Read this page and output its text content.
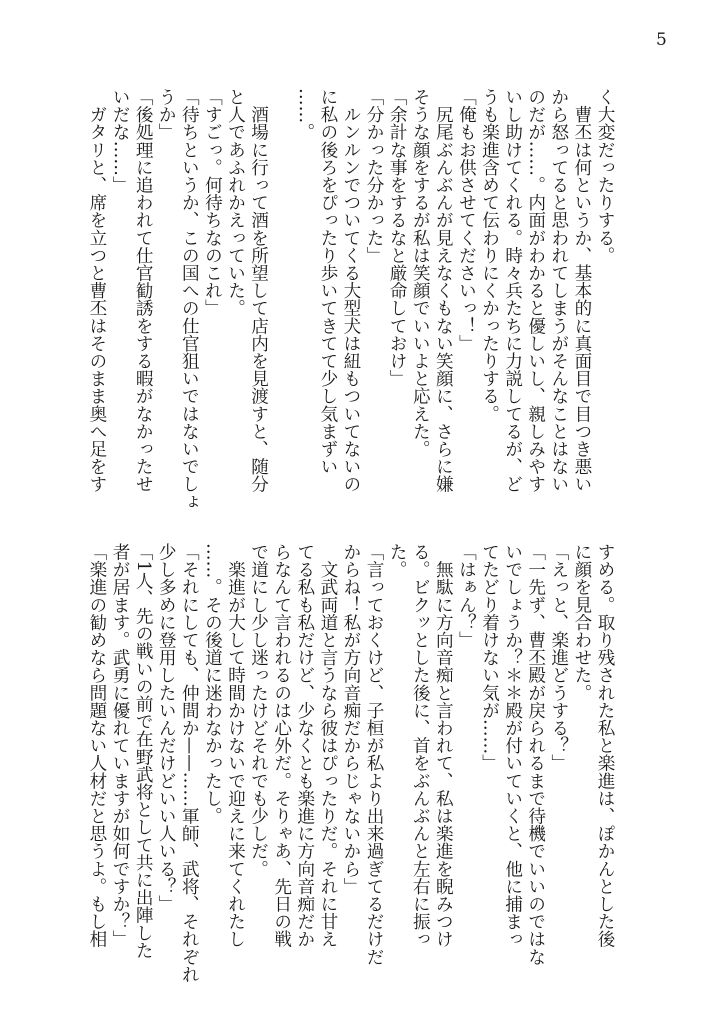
5
く大変だったりする。
　曹丕は何というか、基本的に真面目で目つき悪い
から怒ってると思われてしまうがそんなことはない
のだが……。内面がわかると優しいし、親しみやす
いし助けてくれる。時々兵たちに力説してるが、ど
うも楽進含めて伝わりにくかったりする。
「俺もお供させてくださいっ！」
　尻尾ぶんぶんが見えなくもない笑顔に、さらに嫌
そうな顔をするが私は笑顔でいいよと応えた。
「余計な事をするなと厳命しておけ」
「分かった分かった」
　ルンルンでついてくる大型犬は紐もついてないの
に私の後ろをぴったり歩いてきてて少し気まずい
……。
　酒場に行って酒を所望して店内を見渡すと、随分
と人であふれかえっていた。
「すごっ。何待ちなのこれ」
「待ちというか、この国への仕官狙いではないでしょ
うか」
「後処理に追われて仕官勧誘をする暇がなかったせ
いだな……」
　ガタリと、席を立つと曹丕はそのまま奥へ足をす
すめる。取り残された私と楽進は、ぽかんとした後
に顔を見合わせた。
「えっと、楽進どうする？」
「一先ず、曹丕殿が戻られるまで待機でいいのではな
いでしょうか？＊＊殿が付いていくと、他に捕まっ
てたどり着けない気が……」
「はぁん？」
　無駄に方向音痴と言われて、私は楽進を睨みつけ
る。ビクッとした後に、首をぶんぶんと左右に振っ
た。
「言っておくけど、子桓が私より出来過ぎてるだけだ
からね！私が方向音痴だからじゃないから」
　文武両道と言うなら彼はぴったりだ。それに甘え
てる私も私だけど、少なくとも楽進に方向音痴だか
らなんて言われるのは心外だ。そりゃあ、先日の戦
で道にし少し迷ったけどそれでも少しだ。
　楽進が大して時間かけないで迎えに来てくれたし
……。その後道に迷わなかったし。
「それにしても、仲間か——……軍師、武将、それぞれ
少し多めに登用したいんだけどいい人いる？」
「1人、先の戦いの前で在野武将として共に出陣した
者が居ます。武勇に優れていますが如何ですか？」
「楽進の勧めなら問題ない人材だと思うよ。もし相
